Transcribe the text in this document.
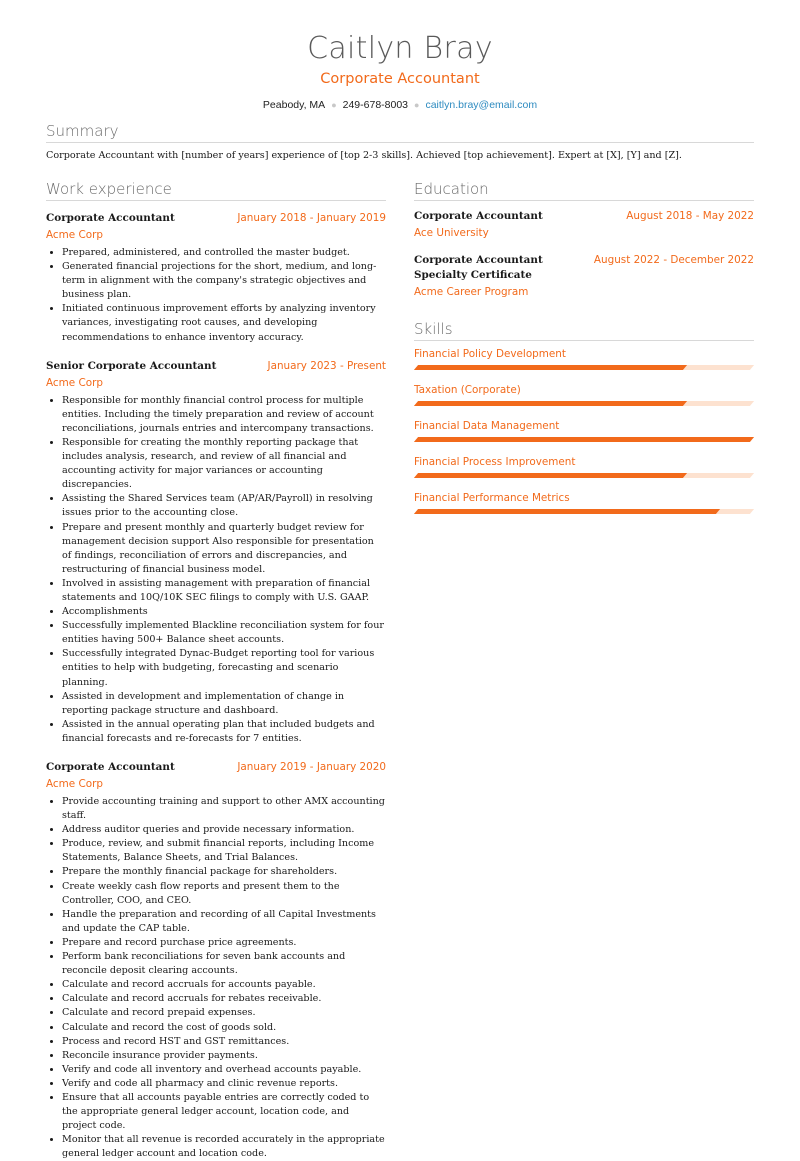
Caitlyn Bray
Corporate Accountant
Peabody, MA ● 249-678-8003 ● caitlyn.bray@email.com
Summary
Corporate Accountant with [number of years] experience of [top 2-3 skills]. Achieved [top achievement]. Expert at [X], [Y] and [Z].
Work experience
Corporate Accountant	January 2018 - January 2019
Acme Corp
• Prepared, administered, and controlled the master budget.
• Generated financial projections for the short, medium, and long-term in alignment with the company's strategic objectives and business plan.
• Initiated continuous improvement efforts by analyzing inventory variances, investigating root causes, and developing recommendations to enhance inventory accuracy.
Senior Corporate Accountant	January 2023 - Present
Acme Corp
• Responsible for monthly financial control process for multiple entities. Including the timely preparation and review of account reconciliations, journals entries and intercompany transactions.
• Responsible for creating the monthly reporting package that includes analysis, research, and review of all financial and accounting activity for major variances or accounting discrepancies.
• Assisting the Shared Services team (AP/AR/Payroll) in resolving issues prior to the accounting close.
• Prepare and present monthly and quarterly budget review for management decision support Also responsible for presentation of findings, reconciliation of errors and discrepancies, and restructuring of financial business model.
• Involved in assisting management with preparation of financial statements and 10Q/10K SEC filings to comply with U.S. GAAP.
• Accomplishments
• Successfully implemented Blackline reconciliation system for four entities having 500+ Balance sheet accounts.
• Successfully integrated Dynac-Budget reporting tool for various entities to help with budgeting, forecasting and scenario planning.
• Assisted in development and implementation of change in reporting package structure and dashboard.
• Assisted in the annual operating plan that included budgets and financial forecasts and re-forecasts for 7 entities.
Corporate Accountant	January 2019 - January 2020
Acme Corp
• Provide accounting training and support to other AMX accounting staff.
• Address auditor queries and provide necessary information.
• Produce, review, and submit financial reports, including Income Statements, Balance Sheets, and Trial Balances.
• Prepare the monthly financial package for shareholders.
• Create weekly cash flow reports and present them to the Controller, COO, and CEO.
• Handle the preparation and recording of all Capital Investments and update the CAP table.
• Prepare and record purchase price agreements.
• Perform bank reconciliations for seven bank accounts and reconcile deposit clearing accounts.
• Calculate and record accruals for accounts payable.
• Calculate and record accruals for rebates receivable.
• Calculate and record prepaid expenses.
• Calculate and record the cost of goods sold.
• Process and record HST and GST remittances.
• Reconcile insurance provider payments.
• Verify and code all inventory and overhead accounts payable.
• Verify and code all pharmacy and clinic revenue reports.
• Ensure that all accounts payable entries are correctly coded to the appropriate general ledger account, location code, and project code.
• Monitor that all revenue is recorded accurately in the appropriate general ledger account and location code.
Education
Corporate Accountant	August 2018 - May 2022
Ace University
Corporate Accountant Specialty Certificate
August 2022 - December 2022
Acme Career Program
Skills
Financial Policy Development
Taxation (Corporate)
Financial Data Management
Financial Process Improvement
Financial Performance Metrics
